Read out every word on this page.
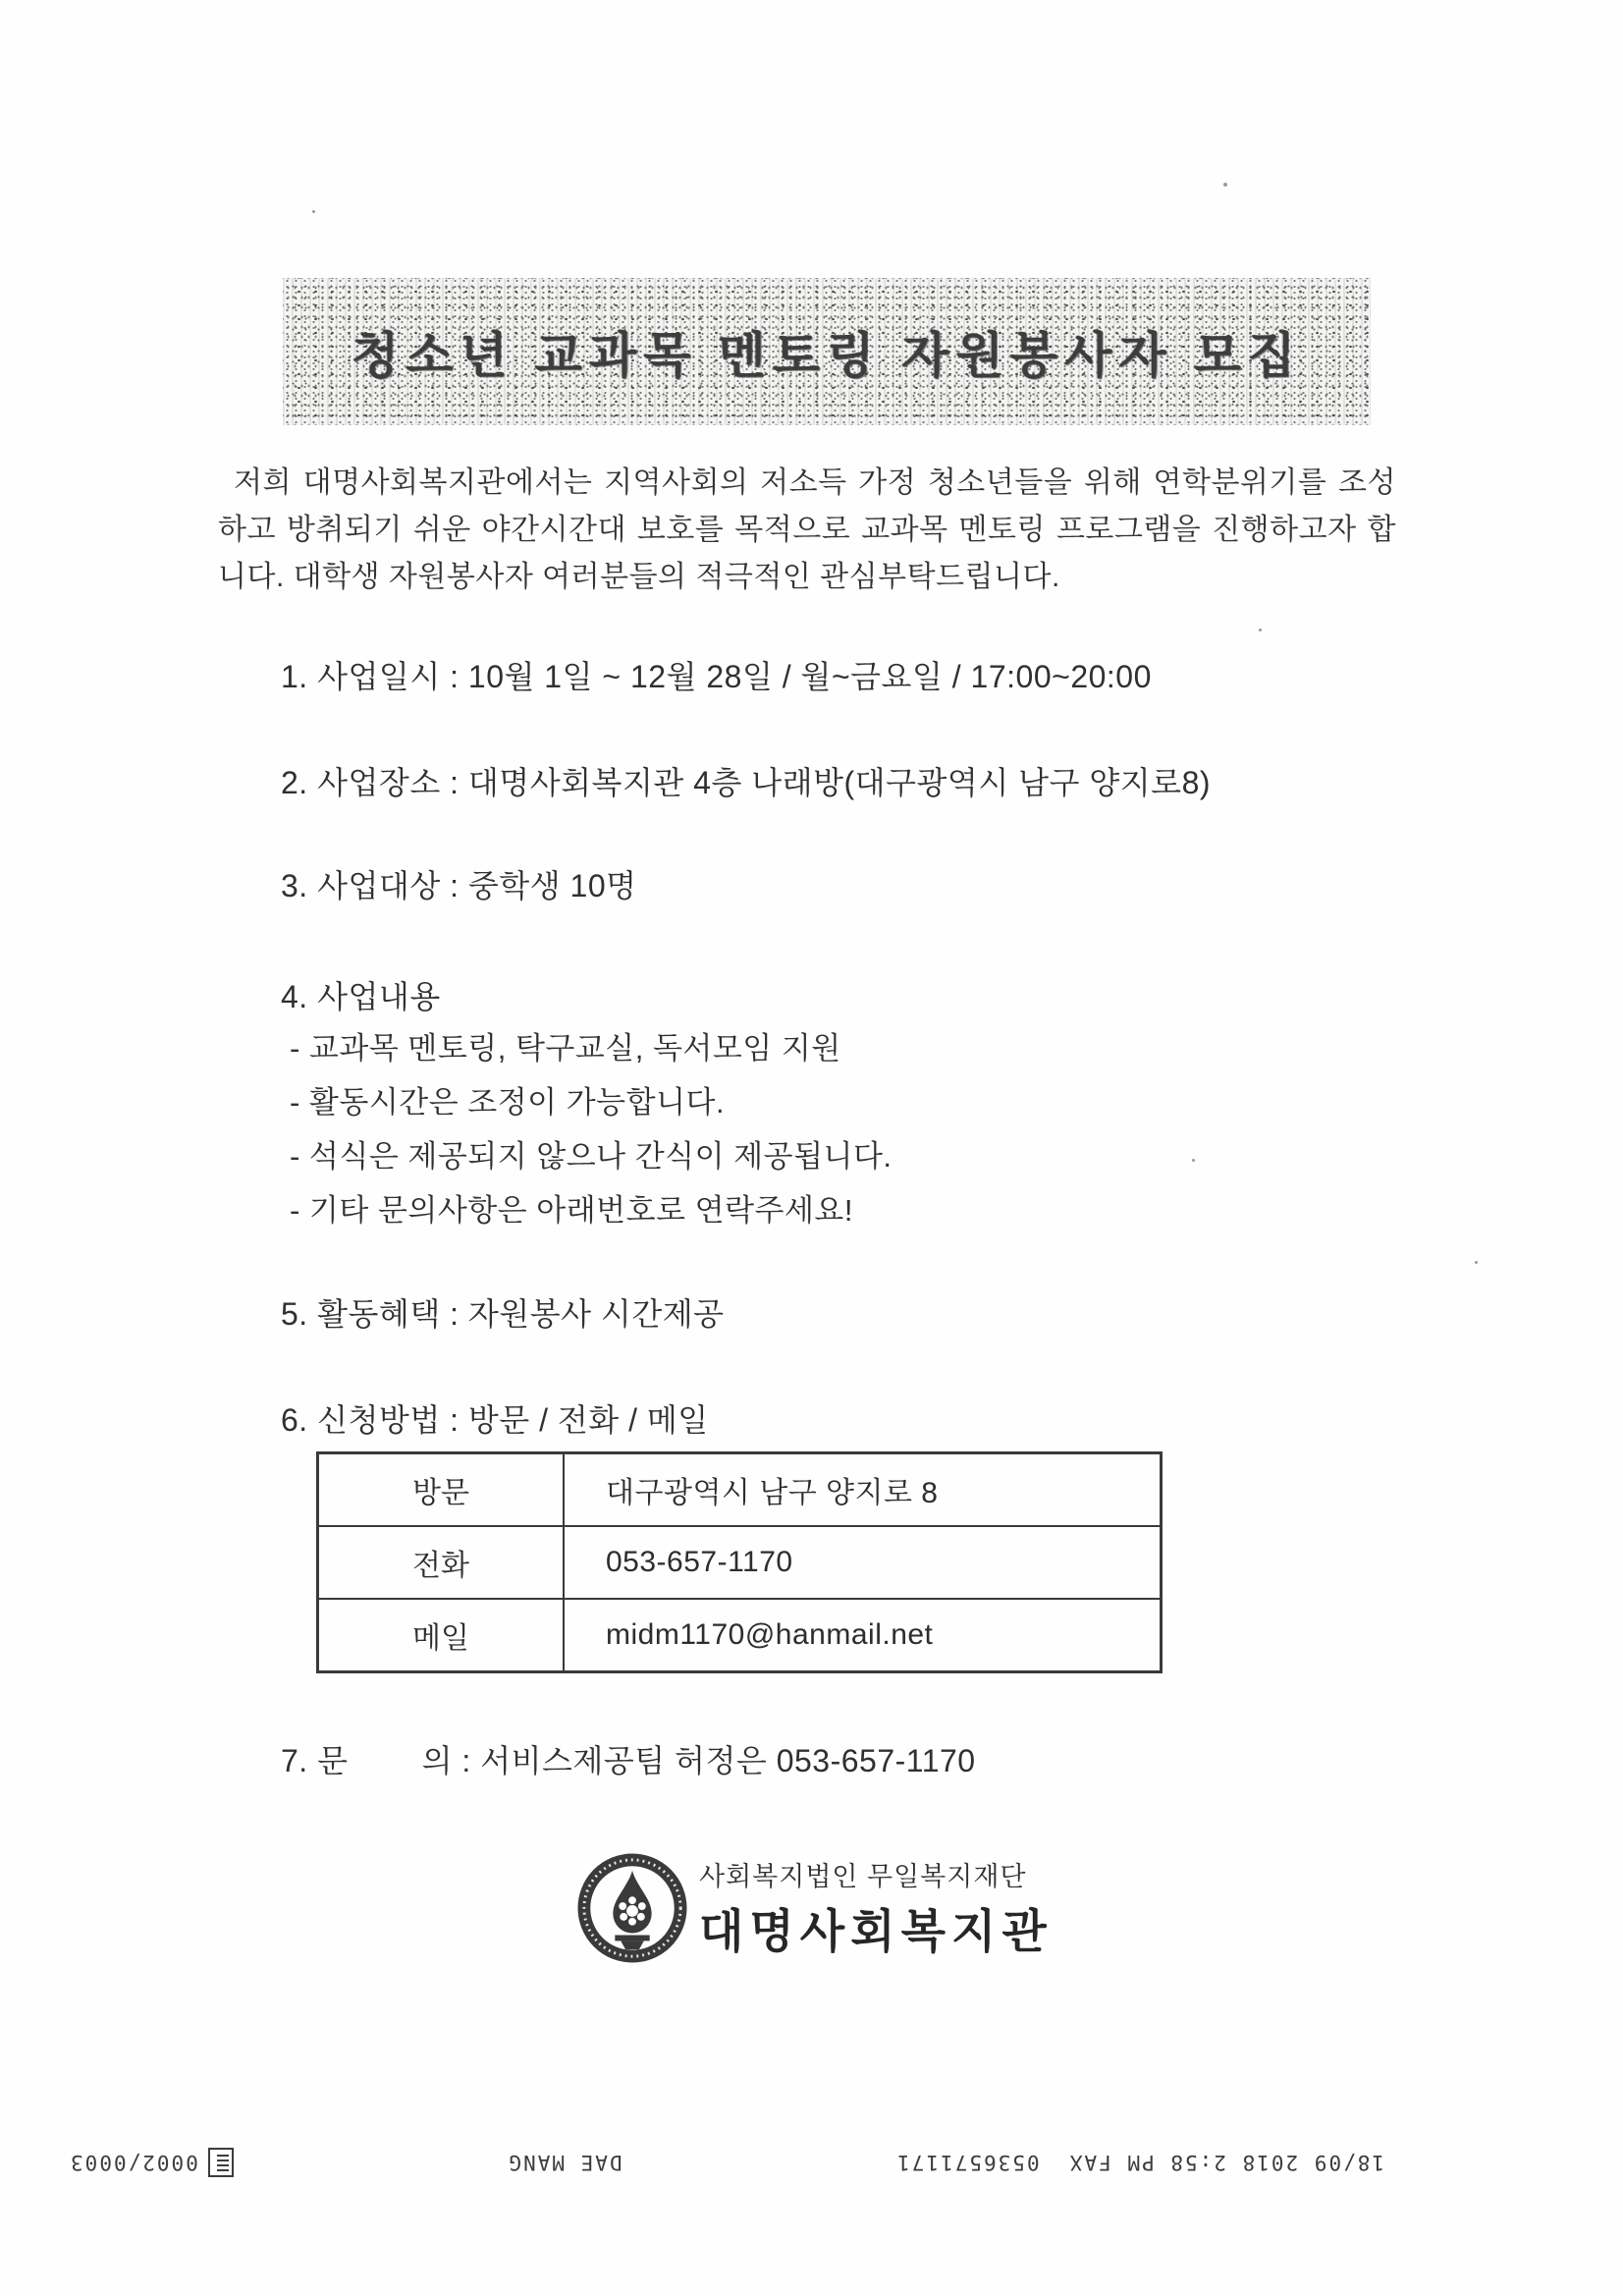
청소년 교과목 멘토링 자원봉사자 모집
저희 대명사회복지관에서는 지역사회의 저소득 가정 청소년들을 위해 연학분위기를 조성하고 방취되기 쉬운 야간시간대 보호를 목적으로 교과목 멘토링 프로그램을 진행하고자 합니다. 대학생 자원봉사자 여러분들의 적극적인 관심부탁드립니다.
1. 사업일시 : 10월 1일 ~ 12월 28일 / 월~금요일 / 17:00~20:00
2. 사업장소 : 대명사회복지관 4층 나래방(대구광역시 남구 양지로8)
3. 사업대상 : 중학생 10명
4. 사업내용
- 교과목 멘토링, 탁구교실, 독서모임 지원
- 활동시간은 조정이 가능합니다.
- 석식은 제공되지 않으나 간식이 제공됩니다.
- 기타 문의사항은 아래번호로 연락주세요!
5. 활동혜택 : 자원봉사 시간제공
6. 신청방법 : 방문 / 전화 / 메일
방문	대구광역시 남구 양지로 8
전화	053-657-1170
메일	midm1170@hanmail.net
7. 문        의 : 서비스제공팀 허정은 053-657-1170
사회복지법인 무일복지재단
대명사회복지관
18/09 2018 2:58 PM FAX  0536571171
DAE MANG
0002/0003
